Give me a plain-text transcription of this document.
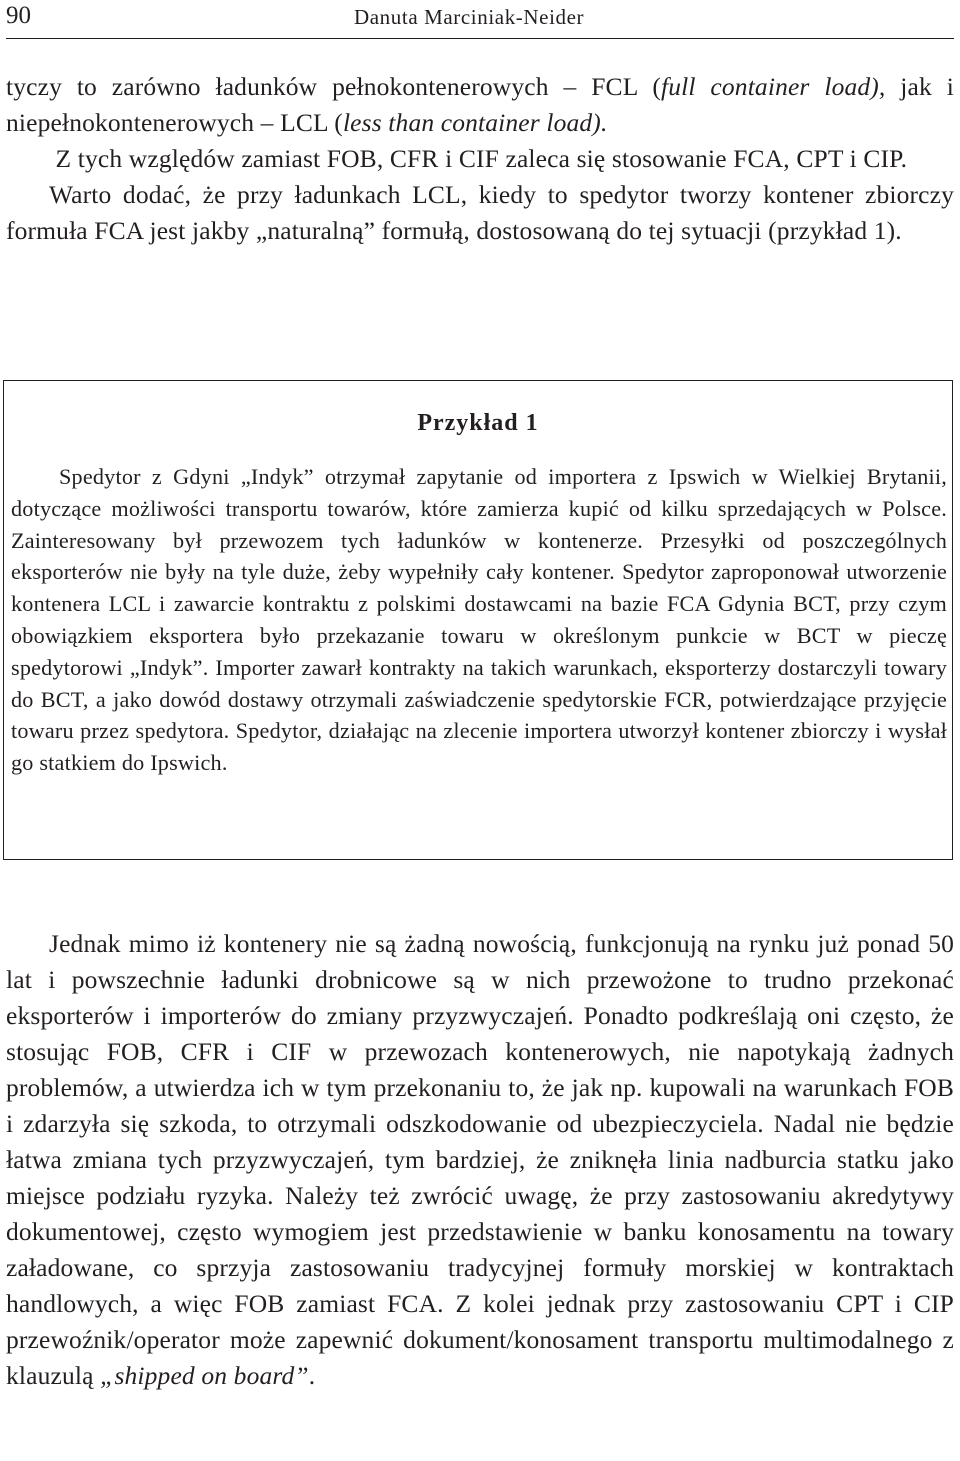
90	Danuta Marciniak-Neider

tyczy to zarówno ładunków pełnokontenerowych – FCL (full container load), jak i niepełnokontenerowych – LCL (less than container load).
Z tych względów zamiast FOB, CFR i CIF zaleca się stosowanie FCA, CPT i CIP.
Warto dodać, że przy ładunkach LCL, kiedy to spedytor tworzy kontener zbiorczy formuła FCA jest jakby „naturalną” formułą, dostosowaną do tej sytuacji (przykład 1).

Przykład 1

Spedytor z Gdyni „Indyk” otrzymał zapytanie od importera z Ipswich w Wielkiej Brytanii, dotyczące możliwości transportu towarów, które zamierza kupić od kilku sprzedających w Polsce. Zainteresowany był przewozem tych ładunków w kontenerze. Przesyłki od poszczególnych eksporterów nie były na tyle duże, żeby wypełniły cały kontener. Spedytor zaproponował utworzenie kontenera LCL i zawarcie kontraktu z polskimi dostawcami na bazie FCA Gdynia BCT, przy czym obowiązkiem eksportera było przekazanie towaru w określonym punkcie w BCT w pieczę spedytorowi „Indyk”. Importer zawarł kontrakty na takich warunkach, eksporterzy dostarczyli towary do BCT, a jako dowód dostawy otrzymali zaświadczenie spedytorskie FCR, potwierdzające przyjęcie towaru przez spedytora. Spedytor, działając na zlecenie importera utworzył kontener zbiorczy i wysłał go statkiem do Ipswich.

Jednak mimo iż kontenery nie są żadną nowością, funkcjonują na rynku już ponad 50 lat i powszechnie ładunki drobnicowe są w nich przewożone to trudno przekonać eksporterów i importerów do zmiany przyzwyczajeń. Ponadto podkreślają oni często, że stosując FOB, CFR i CIF w przewozach kontenerowych, nie napotykają żadnych problemów, a utwierdza ich w tym przekonaniu to, że jak np. kupowali na warunkach FOB i zdarzyła się szkoda, to otrzymali odszkodowanie od ubezpieczyciela. Nadal nie będzie łatwa zmiana tych przyzwyczajeń, tym bardziej, że zniknęła linia nadburcia statku jako miejsce podziału ryzyka. Należy też zwrócić uwagę, że przy zastosowaniu akredytywy dokumentowej, często wymogiem jest przedstawienie w banku konosamentu na towary załadowane, co sprzyja zastosowaniu tradycyjnej formuły morskiej w kontraktach handlowych, a więc FOB zamiast FCA. Z kolei jednak przy zastosowaniu CPT i CIP przewoźnik/operator może zapewnić dokument/konosament transportu multimodalnego z klauzulą „shipped on board”.
